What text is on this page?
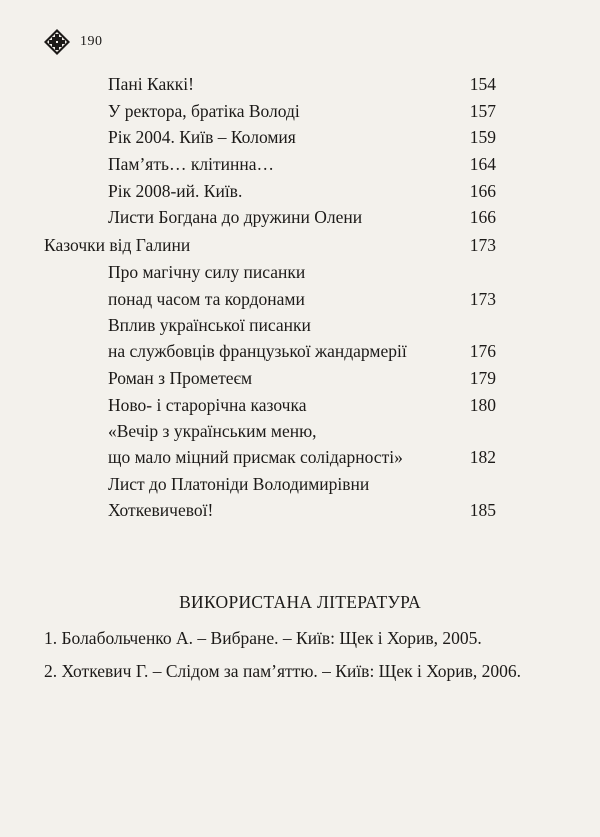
190
Пані Каккі!	154
У ректора, братіка Володі	157
Рік 2004. Київ – Коломия	159
Пам’ять… клітинна…	164
Рік 2008-ий. Київ.	166
Листи Богдана до дружини Олени	166
Казочки від Галини	173
Про магічну силу писанки
понад часом та кордонами	173
Вплив української писанки
на службовців французької жандармерії	176
Роман з Прометеєм	179
Ново- і старорічна казочка	180
«Вечір з українським меню,
що мало міцний присмак солідарності»	182
Лист до Платоніди Володимирівни
Хоткевичевої!	185
ВИКОРИСТАНА ЛІТЕРАТУРА
1. Болабольченко А. – Вибране. – Київ: Щек і Хорив, 2005.
2. Хоткевич Г. – Слідом за пам’яттю. – Київ: Щек і Хорив, 2006.
